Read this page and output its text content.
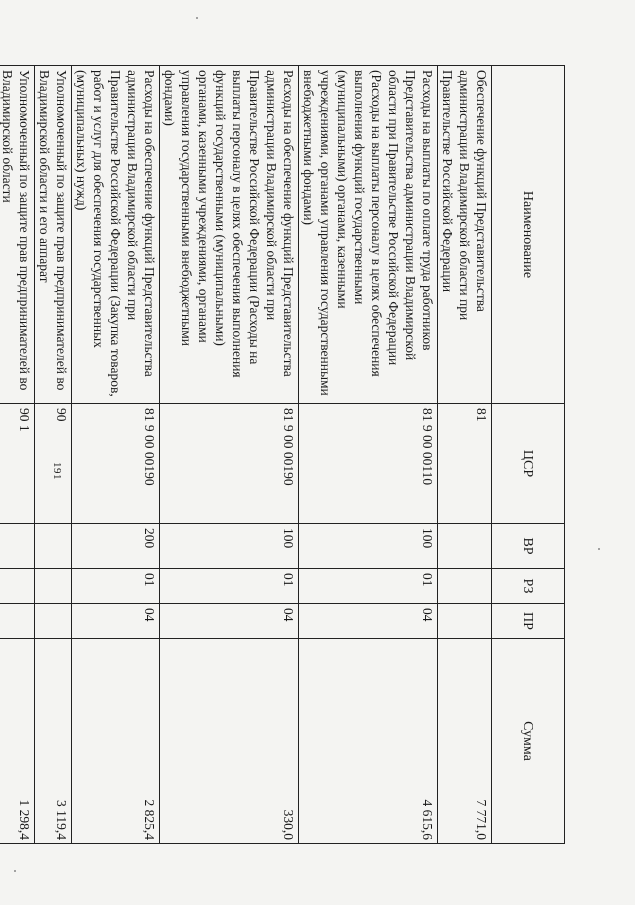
191
Наименование	ЦСР	ВР	РЗ	ПР	Сумма
Обеспечение функций Представительства администрации Владимирской области при Правительстве Российской Федерации	81				7 771,0
Расходы на выплаты по оплате труда работников Представительства администрации Владимирской области при Правительстве Российской Федерации (Расходы на выплаты персоналу в целях обеспечения выполнения функций государственными (муниципальными) органами, казенными учреждениями, органами управления государственными внебюджетными фондами)	81 9 00 00110	100	01	04	4 615,6
Расходы на обеспечение функций Представительства администрации Владимирской области при Правительстве Российской Федерации (Расходы на выплаты персоналу в целях обеспечения выполнения функций государственными (муниципальными) органами, казенными учреждениями, органами управления государственными внебюджетными фондами)	81 9 00 00190	100	01	04	330,0
Расходы на обеспечение функций Представительства администрации Владимирской области при Правительстве Российской Федерации (Закупка товаров, работ и услуг для обеспечения государственных (муниципальных) нужд)	81 9 00 00190	200	01	04	2 825,4
Уполномоченный по защите прав предпринимателей во Владимирской области и его аппарат	90				3 119,4
Уполномоченный по защите прав предпринимателей во Владимирской области	90 1				1 298,4
